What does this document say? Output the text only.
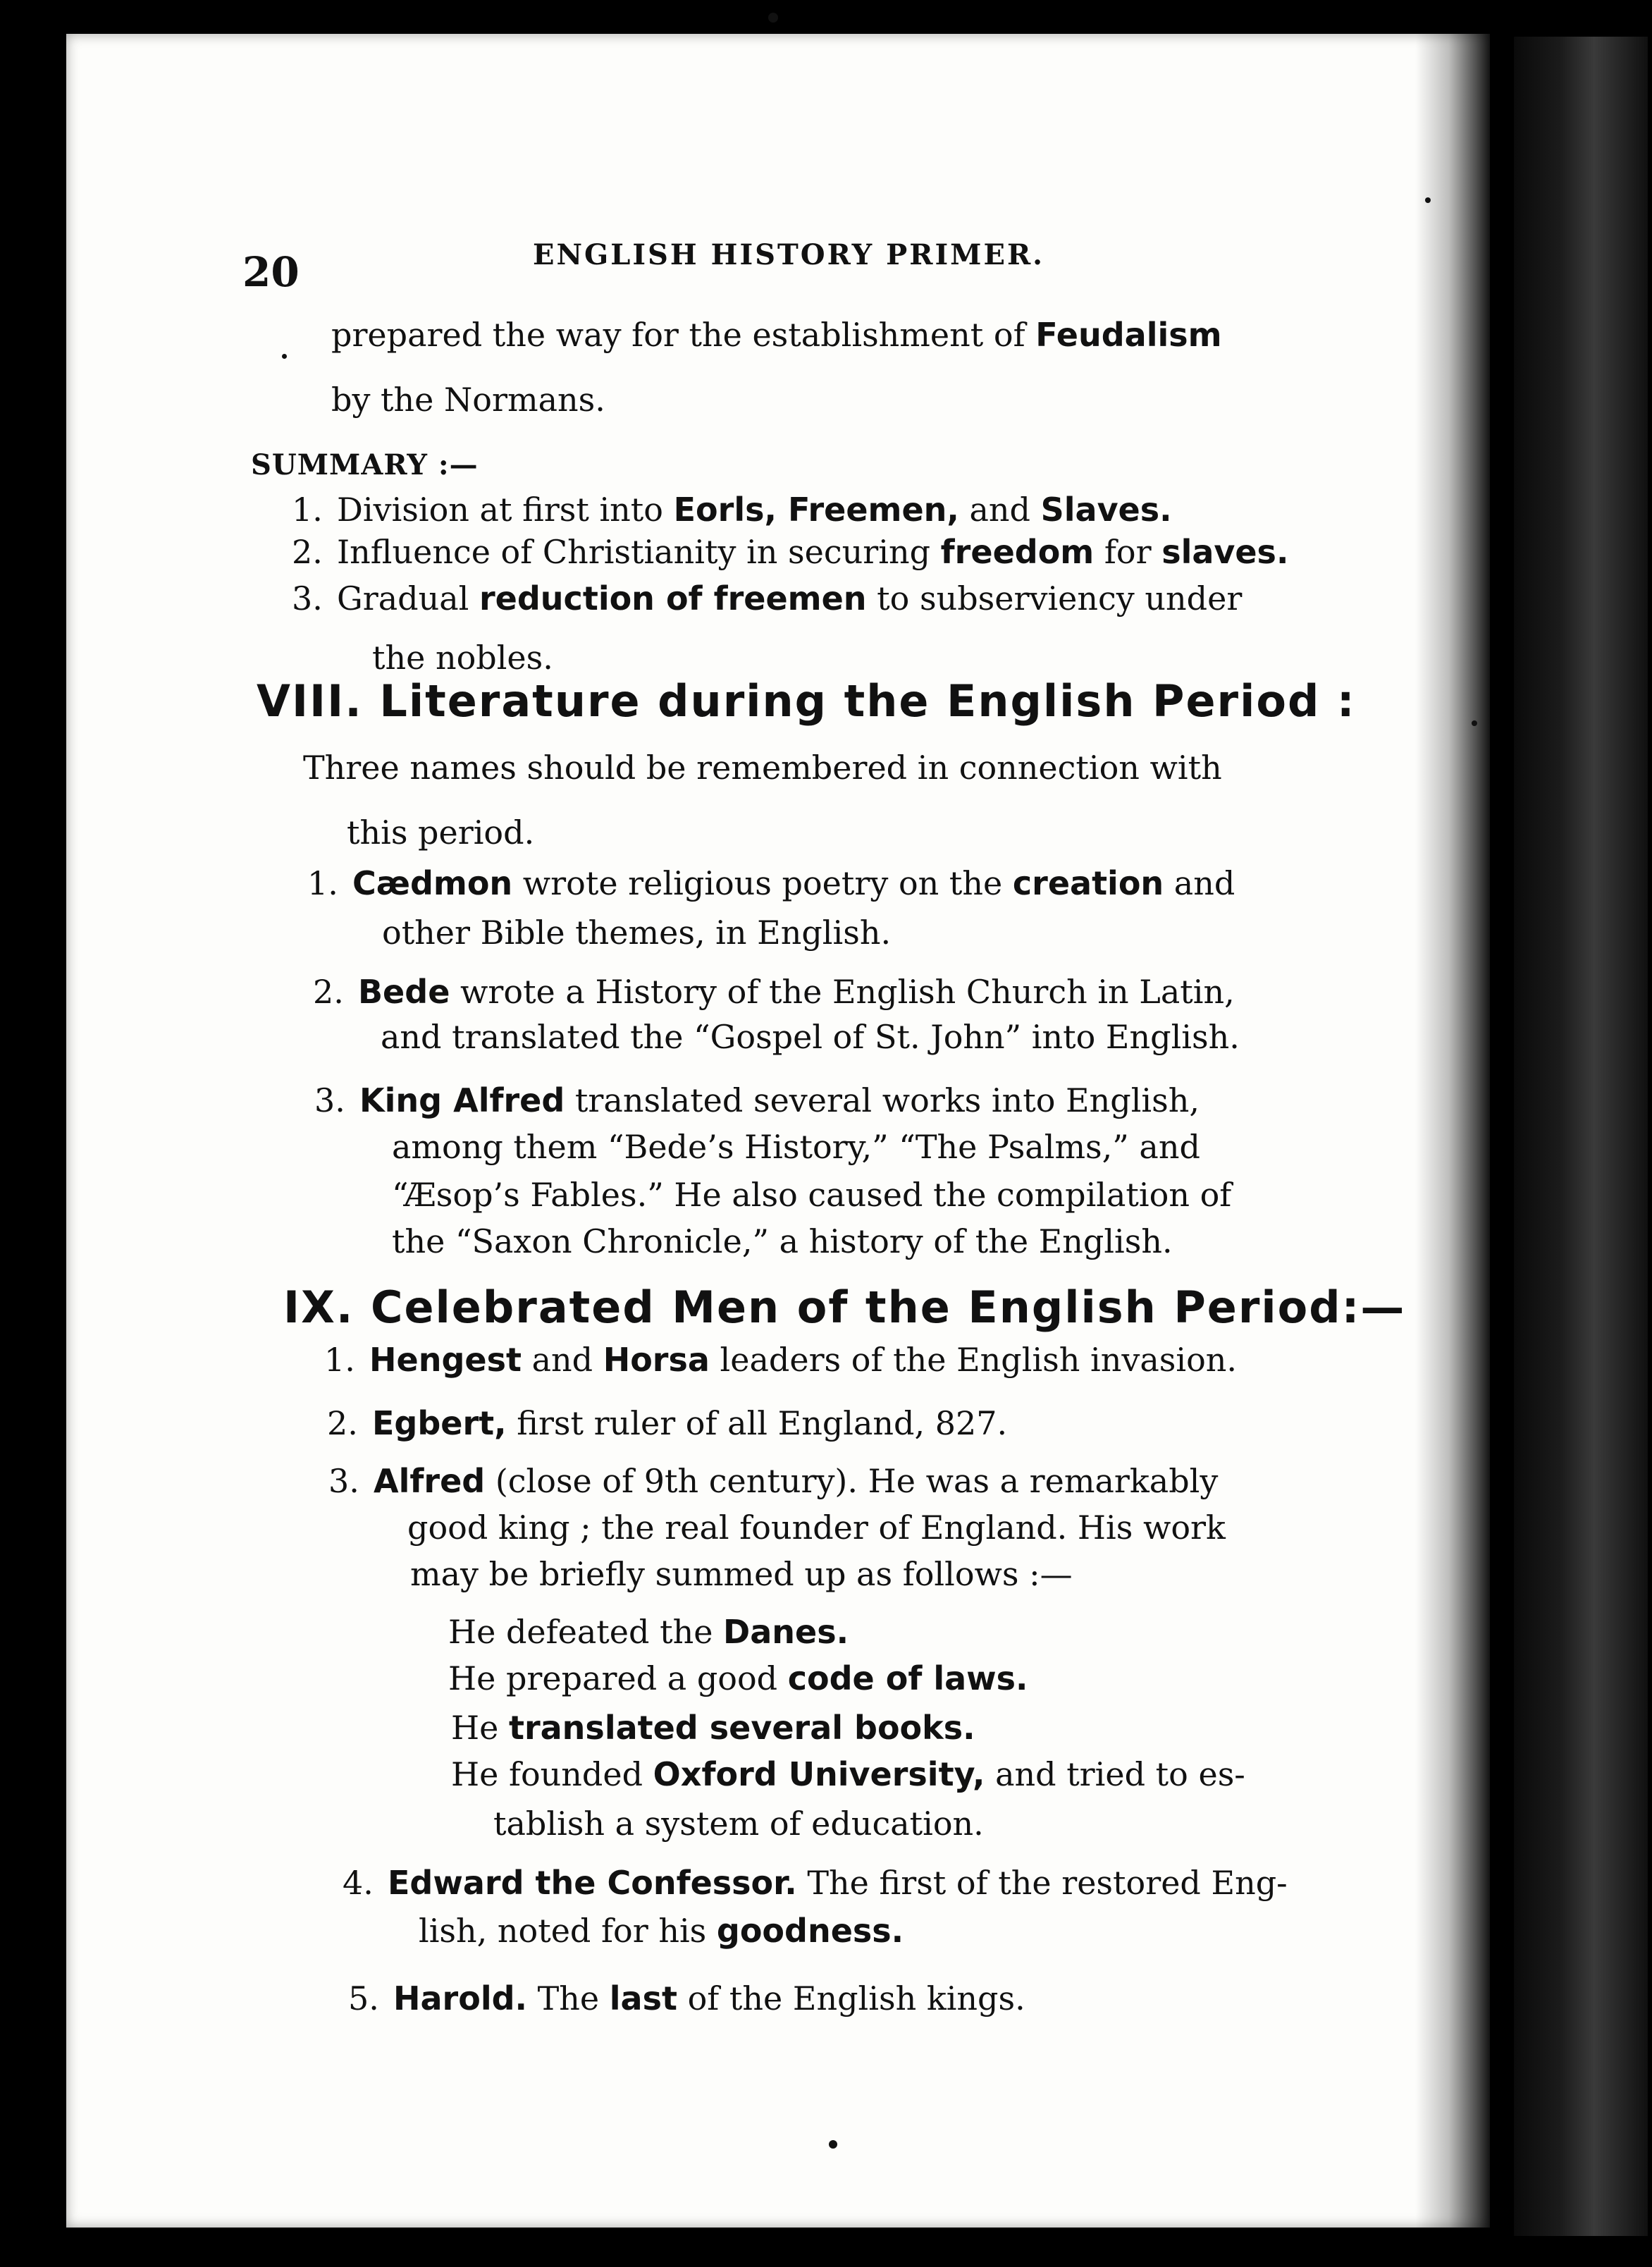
20	ENGLISH HISTORY PRIMER.
prepared the way for the establishment of Feudalism
by the Normans.
SUMMARY :—
1. Division at first into Eorls, Freemen, and Slaves.
2. Influence of Christianity in securing freedom for slaves.
3. Gradual reduction of freemen to subserviency under
the nobles.
VIII. Literature during the English Period :
Three names should be remembered in connection with
this period.
1. Cædmon wrote religious poetry on the creation and
other Bible themes, in English.
2. Bede wrote a History of the English Church in Latin,
and translated the “Gospel of St. John” into English.
3. King Alfred translated several works into English,
among them “Bede’s History,” “The Psalms,” and
“Æsop’s Fables.” He also caused the compilation of
the “Saxon Chronicle,” a history of the English.
IX. Celebrated Men of the English Period:—
1. Hengest and Horsa leaders of the English invasion.
2. Egbert, first ruler of all England, 827.
3. Alfred (close of 9th century). He was a remarkably
good king ; the real founder of England. His work
may be briefly summed up as follows :—
He defeated the Danes.
He prepared a good code of laws.
He translated several books.
He founded Oxford University, and tried to es-
tablish a system of education.
4. Edward the Confessor. The first of the restored Eng-
lish, noted for his goodness.
5. Harold. The last of the English kings.
